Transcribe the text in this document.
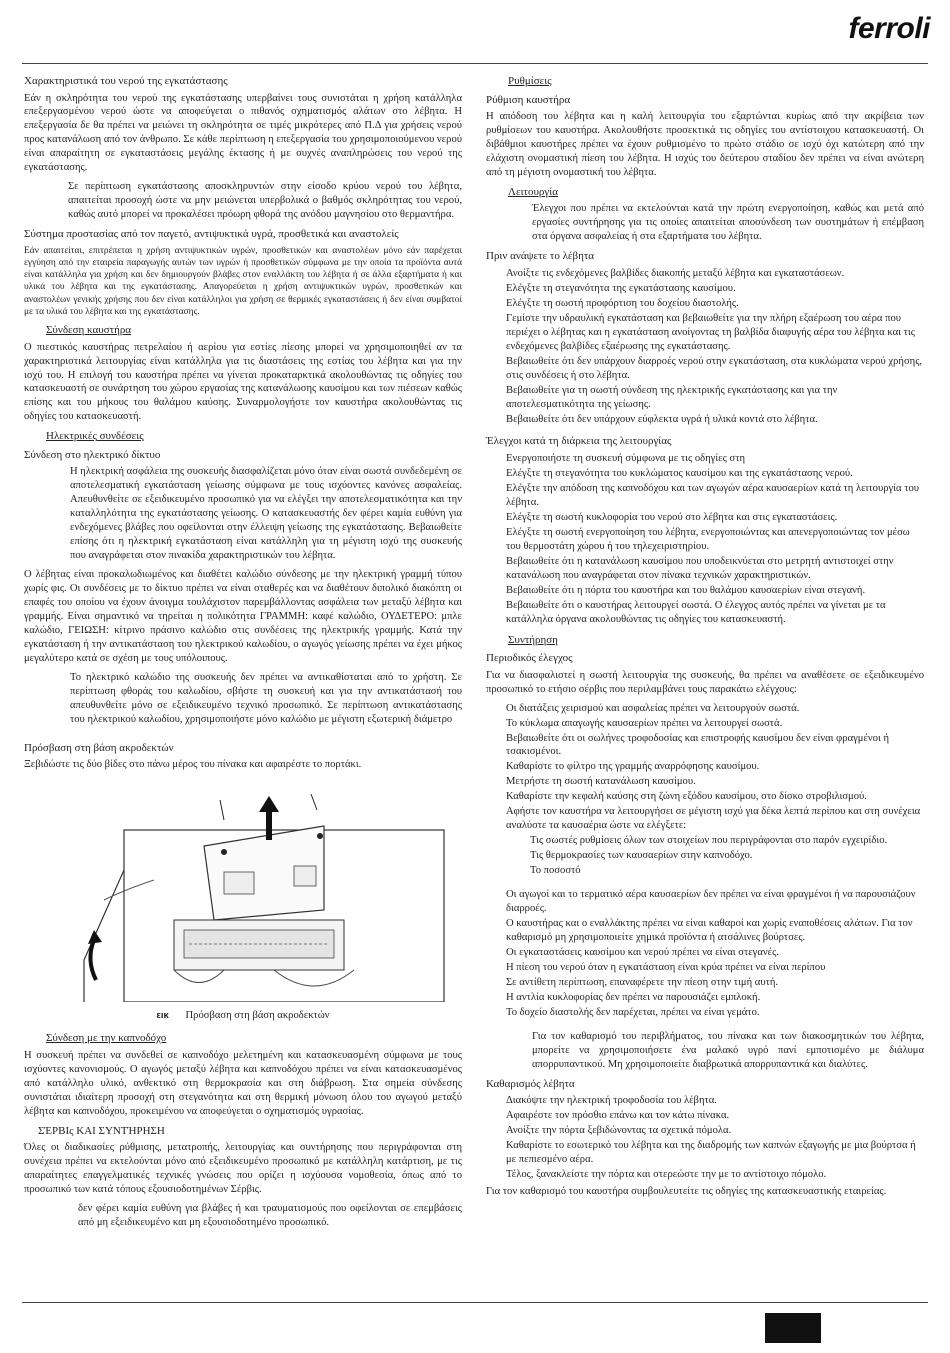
ferroli
Χαρακτηριστικά του νερού της εγκατάστασης

Εάν η σκληρότητα του νερού της εγκατάστασης υπερβαίνει τους συνιστάται η χρήση κατάλληλα επεξεργασμένου νερού ώστε να αποφεύγεται ο πιθανός σχηματισμός αλάτων στο λέβητα. Η επεξεργασία δε θα πρέπει να μειώνει τη σκληρότητα σε τιμές μικρότερες από Π.Δ για χρήσεις νερού προς κατανάλωση από τον άνθρωπο. Σε κάθε περίπτωση η επεξεργασία του χρησιμοποιούμενου νερού είναι απαραίτητη σε εγκαταστάσεις μεγάλης έκτασης ή με συχνές αναπληρώσεις του νερού της εγκατάστασης.

Σε περίπτωση εγκατάστασης αποσκληρυντών στην είσοδο κρύου νερού του λέβητα, απαιτείται προσοχή ώστε να μην μειώνεται υπερβολικά ο βαθμός σκληρότητας του νερού, καθώς αυτό μπορεί να προκαλέσει πρόωρη φθορά της ανόδου μαγνησίου στο θερμαντήρα.

Σύστημα προστασίας από τον παγετό, αντιψυκτικά υγρά, προσθετικά και αναστολείς

Εάν απαιτείται, επιτρέπεται η χρήση αντιψυκτικών υγρών, προσθετικών και αναστολέων μόνο εάν παρέχεται εγγύηση από την εταιρεία παραγωγής αυτών των υγρών ή προσθετικών σύμφωνα με την οποία τα προϊόντα αυτά είναι κατάλληλα για χρήση και δεν δημιουργούν βλάβες στον εναλλάκτη του λέβητα ή σε άλλα εξαρτήματα ή και υλικά του λέβητα και της εγκατάστασης. Απαγορεύεται η χρήση αντιψυκτικών υγρών, προσθετικών και αναστολέων γενικής χρήσης που δεν είναι κατάλληλοι για χρήση σε θερμικές εγκαταστάσεις ή δεν είναι συμβατοί με τα υλικά του λέβητα και της εγκατάστασης.

Σύνδεση καυστήρα

Ο πιεστικός καυστήρας πετρελαίου ή αερίου για εστίες πίεσης μπορεί να χρησιμοποιηθεί αν τα χαρακτηριστικά λειτουργίας είναι κατάλληλα για τις διαστάσεις της εστίας του λέβητα και για την ισχύ του. Η επιλογή του καυστήρα πρέπει να γίνεται προκαταρκτικά ακολουθώντας τις οδηγίες του κατασκευαστή σε συνάρτηση του χώρου εργασίας της κατανάλωσης καυσίμου και των πιέσεων καθώς επίσης και του μήκους του θαλάμου καύσης. Συναρμολογήστε τον καυστήρα ακολουθώντας τις οδηγίες του κατασκευαστή.

Ηλεκτρικές συνδέσεις
Σύνδεση στο ηλεκτρικό δίκτυο

Η ηλεκτρική ασφάλεια της συσκευής διασφαλίζεται μόνο όταν είναι σωστά συνδεδεμένη σε αποτελεσματική εγκατάσταση γείωσης σύμφωνα με τους ισχύοντες κανόνες ασφαλείας. Απευθυνθείτε σε εξειδικευμένο προσωπικό για να ελέγξει την αποτελεσματικότητα και την καταλληλότητα της εγκατάστασης γείωσης. Ο κατασκευαστής δεν φέρει καμία ευθύνη για ενδεχόμενες βλάβες που οφείλονται στην έλλειψη γείωσης της εγκατάστασης. Βεβαιωθείτε επίσης ότι η ηλεκτρική εγκατάσταση είναι κατάλληλη για τη μέγιστη ισχύ της συσκευής που αναγράφεται στον πινακίδα χαρακτηριστικών του λέβητα.

Ο λέβητας είναι προκαλωδιωμένος και διαθέτει καλώδιο σύνδεσης με την ηλεκτρική γραμμή τύπου χωρίς φις. Οι συνδέσεις με το δίκτυο πρέπει να είναι σταθερές και να διαθέτουν διπολικό διακόπτη οι επαφές του οποίου να έχουν άνοιγμα τουλάχιστον παρεμβάλλοντας ασφάλεια των μεταξύ λέβητα και γραμμής. Είναι σημαντικό να τηρείται η πολικότητα ΓΡΑΜΜΗ: καφέ καλώδιο, ΟΥΔΕΤΕΡΟ: μπλε καλώδιο, ΓΕΙΩΣΗ: κίτρινο πράσινο καλώδιο στις συνδέσεις της ηλεκτρικής γραμμής. Κατά την εγκατάσταση ή την αντικατάσταση του ηλεκτρικού καλωδίου, ο αγωγός γείωσης πρέπει να έχει μήκος μεγαλύτερο κατά σε σχέση με τους υπόλοιπους.

Το ηλεκτρικό καλώδιο της συσκευής δεν πρέπει να αντικαθίσταται από το χρήστη. Σε περίπτωση φθοράς του καλωδίου, σβήστε τη συσκευή και για την αντικατάστασή του απευθυνθείτε μόνο σε εξειδικευμένο τεχνικό προσωπικό. Σε περίπτωση αντικατάστασης του ηλεκτρικού καλωδίου, χρησιμοποιήστε μόνο καλώδιο με μέγιστη εξωτερική διάμετρο

Πρόσβαση στη βάση ακροδεκτών

Ξεβιδώστε τις δύο βίδες στο πάνω μέρος του πίνακα και αφαιρέστε το πορτάκι.

εικ Πρόσβαση στη βάση ακροδεκτών
Σύνδεση με την καπνοδόχο

Η συσκευή πρέπει να συνδεθεί σε καπνοδόχο μελετημένη και κατασκευασμένη σύμφωνα με τους ισχύοντες κανονισμούς. Ο αγωγός μεταξύ λέβητα και καπνοδόχου πρέπει να είναι κατασκευασμένος από κατάλληλο υλικό, ανθεκτικό στη θερμοκρασία και στη διάβρωση. Στα σημεία σύνδεσης συνιστάται ιδιαίτερη προσοχή στη στεγανότητα και στη θερμική μόνωση όλου του αγωγού μεταξύ λέβητα και καπνοδόχου, προκειμένου να αποφεύγεται ο σχηματισμός υγρασίας.

ΣΈΡΒΙς ΚΑΙ ΣΥΝΤΉΡΗΣΗ

Όλες οι διαδικασίες ρύθμισης, μετατροπής, λειτουργίας και συντήρησης που περιγράφονται στη συνέχεια πρέπει να εκτελούνται μόνο από εξειδικευμένο προσωπικό με κατάλληλη κατάρτιση, με τις απαραίτητες επαγγελματικές τεχνικές γνώσεις που ορίζει η ισχύουσα νομοθεσία, όπως από το προσωπικό των κατά τόπους εξουσιοδοτημένων Σέρβις.

δεν φέρει καμία ευθύνη για βλάβες ή και τραυματισμούς που οφείλονται σε επεμβάσεις από μη εξειδικευμένο και μη εξουσιοδοτημένο προσωπικό.

Ρυθμίσεις
Ρύθμιση καυστήρα

Η απόδοση του λέβητα και η καλή λειτουργία του εξαρτώνται κυρίως από την ακρίβεια των ρυθμίσεων του καυστήρα. Ακολουθήστε προσεκτικά τις οδηγίες του αντίστοιχου κατασκευαστή. Οι διβάθμιοι καυστήρες πρέπει να έχουν ρυθμισμένο το πρώτο στάδιο σε ισχύ όχι κατώτερη από την ελάχιστη ονομαστική πίεση του λέβητα. Η ισχύς του δεύτερου σταδίου δεν πρέπει να είναι ανώτερη από τη μέγιστη ονομαστική του λέβητα.

Λειτουργία

Έλεγχοι που πρέπει να εκτελούνται κατά την πρώτη ενεργοποίηση, καθώς και μετά από εργασίες συντήρησης για τις οποίες απαιτείται αποσύνδεση των συστημάτων ή επέμβαση στα όργανα ασφαλείας ή στα εξαρτήματα του λέβητα.

Πριν ανάψετε το λέβητα
Ανοίξτε τις ενδεχόμενες βαλβίδες διακοπής μεταξύ λέβητα και εγκαταστάσεων.
Ελέγξτε τη στεγανότητα της εγκατάστασης καυσίμου.
Ελέγξτε τη σωστή προφόρτιση του δοχείου διαστολής.
Γεμίστε την υδραυλική εγκατάσταση και βεβαιωθείτε για την πλήρη εξαέρωση του αέρα που περιέχει ο λέβητας και η εγκατάσταση ανοίγοντας τη βαλβίδα διαφυγής αέρα του λέβητα και τις ενδεχόμενες βαλβίδες εξαέρωσης της εγκατάστασης.
Βεβαιωθείτε ότι δεν υπάρχουν διαρροές νερού στην εγκατάσταση, στα κυκλώματα νερού χρήσης, στις συνδέσεις ή στο λέβητα.
Βεβαιωθείτε για τη σωστή σύνδεση της ηλεκτρικής εγκατάστασης και για την αποτελεσματικότητα της γείωσης.
Βεβαιωθείτε ότι δεν υπάρχουν εύφλεκτα υγρά ή υλικά κοντά στο λέβητα.
Έλεγχοι κατά τη διάρκεια της λειτουργίας
Ενεργοποιήστε τη συσκευή σύμφωνα με τις οδηγίες στη
Ελέγξτε τη στεγανότητα του κυκλώματος καυσίμου και της εγκατάστασης νερού.
Ελέγξτε την απόδοση της καπνοδόχου και των αγωγών αέρα καυσαερίων κατά τη λειτουργία του λέβητα.
Ελέγξτε τη σωστή κυκλοφορία του νερού στο λέβητα και στις εγκαταστάσεις.
Ελέγξτε τη σωστή ενεργοποίηση του λέβητα, ενεργοποιώντας και απενεργοποιώντας τον μέσω του θερμοστάτη χώρου ή του τηλεχειριστηρίου.
Βεβαιωθείτε ότι η κατανάλωση καυσίμου που υποδεικνύεται στο μετρητή αντιστοιχεί στην κατανάλωση που αναγράφεται στον πίνακα τεχνικών χαρακτηριστικών.
Βεβαιωθείτε ότι η πόρτα του καυστήρα και του θαλάμου καυσαερίων είναι στεγανή.
Βεβαιωθείτε ότι ο καυστήρας λειτουργεί σωστά. Ο έλεγχος αυτός πρέπει να γίνεται με τα κατάλληλα όργανα ακολουθώντας τις οδηγίες του κατασκευαστή.
Συντήρηση
Περιοδικός έλεγχος

Για να διασφαλιστεί η σωστή λειτουργία της συσκευής, θα πρέπει να αναθέσετε σε εξειδικευμένο προσωπικό το ετήσιο σέρβις που περιλαμβάνει τους παρακάτω ελέγχους:

Οι διατάξεις χειρισμού και ασφαλείας πρέπει να λειτουργούν σωστά.
Το κύκλωμα απαγωγής καυσαερίων πρέπει να λειτουργεί σωστά.
Βεβαιωθείτε ότι οι σωλήνες τροφοδοσίας και επιστροφής καυσίμου δεν είναι φραγμένοι ή τσακισμένοι.
Καθαρίστε το φίλτρο της γραμμής αναρρόφησης καυσίμου.
Μετρήστε τη σωστή κατανάλωση καυσίμου.
Καθαρίστε την κεφαλή καύσης στη ζώνη εξόδου καυσίμου, στο δίσκο στροβιλισμού.
Αφήστε τον καυστήρα να λειτουργήσει σε μέγιστη ισχύ για δέκα λεπτά περίπου και στη συνέχεια αναλύστε τα καυσαέρια ώστε να ελέγξετε:
Τις σωστές ρυθμίσεις όλων των στοιχείων που περιγράφονται στο παρόν εγχειρίδιο.
Τις θερμοκρασίες των καυσαερίων στην καπνοδόχο.
Το ποσοστό
Οι αγωγοί και το τερματικό αέρα καυσαερίων δεν πρέπει να είναι φραγμένοι ή να παρουσιάζουν διαρροές.
Ο καυστήρας και ο εναλλάκτης πρέπει να είναι καθαροί και χωρίς εναποθέσεις αλάτων. Για τον καθαρισμό μη χρησιμοποιείτε χημικά προϊόντα ή ατσάλινες βούρτσες.
Οι εγκαταστάσεις καυσίμου και νερού πρέπει να είναι στεγανές.
Η πίεση του νερού όταν η εγκατάσταση είναι κρύα πρέπει να είναι περίπου
Σε αντίθετη περίπτωση, επαναφέρετε την πίεση στην τιμή αυτή.
Η αντλία κυκλοφορίας δεν πρέπει να παρουσιάζει εμπλοκή.
Το δοχείο διαστολής δεν παρέχεται, πρέπει να είναι γεμάτο.

Για τον καθαρισμό του περιβλήματος, του πίνακα και των διακοσμητικών του λέβητα, μπορείτε να χρησιμοποιήσετε ένα μαλακό υγρό πανί εμποτισμένο με διάλυμα απορρυπαντικού. Μη χρησιμοποιείτε διαβρωτικά απορρυπαντικά και διαλύτες.

Καθαρισμός λέβητα
Διακόψτε την ηλεκτρική τροφοδοσία του λέβητα.
Αφαιρέστε τον πρόσθιο επάνω και τον κάτω πίνακα.
Ανοίξτε την πόρτα ξεβιδώνοντας τα σχετικά πόμολα.
Καθαρίστε το εσωτερικό του λέβητα και της διαδρομής των καπνών εξαγωγής με μια βούρτσα ή με πεπιεσμένο αέρα.
Τέλος, ξανακλείστε την πόρτα και στερεώστε την με το αντίστοιχο πόμολο.

Για τον καθαρισμό του καυστήρα συμβουλευτείτε τις οδηγίες της κατασκευαστικής εταιρείας.
